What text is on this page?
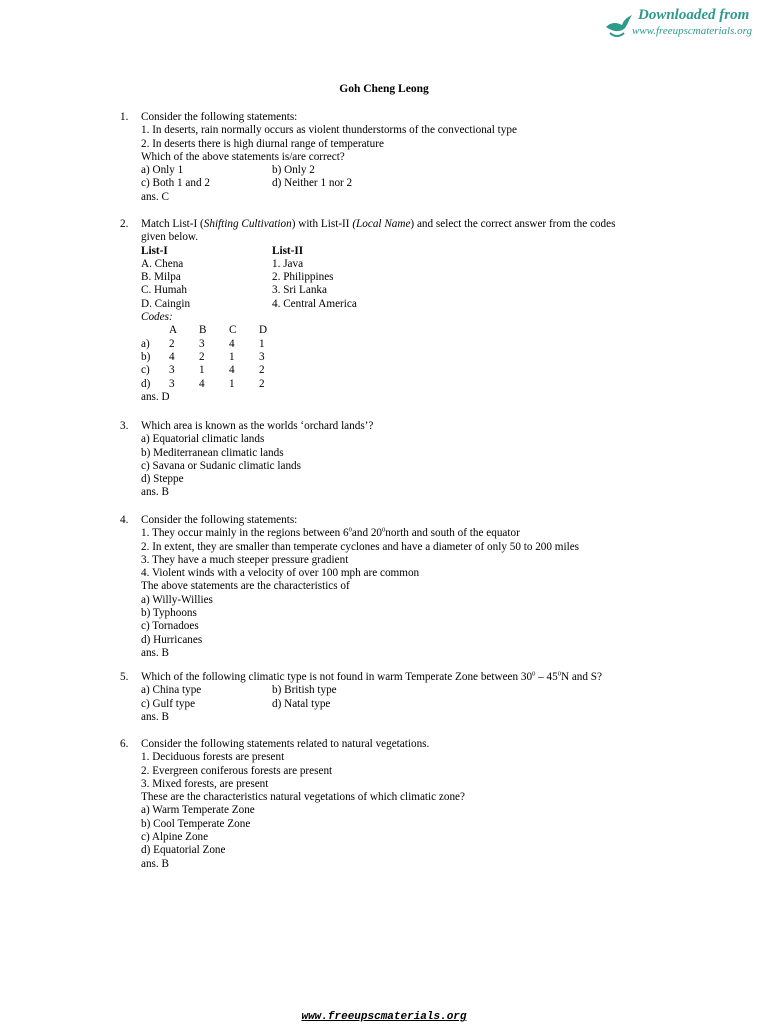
Downloaded from
www.freeupscmaterials.org
Goh Cheng Leong
1. Consider the following statements:
1. In deserts, rain normally occurs as violent thunderstorms of the convectional type
2. In deserts there is high diurnal range of temperature
Which of the above statements is/are correct?
a) Only 1	b) Only 2
c) Both 1 and 2	d) Neither 1 nor 2
ans. C
2. Match List-I (Shifting Cultivation) with List-II (Local Name) and select the correct answer from the codes
given below.
List-I	List-II
A. Chena	1. Java
B. Milpa	2. Philippines
C. Humah	3. Sri Lanka
D. Caingin	4. Central America
Codes:
A B C D
a) 2 3 4 1
b) 4 2 1 3
c) 3 1 4 2
d) 3 4 1 2
ans. D
3. Which area is known as the worlds ‘orchard lands’?
a) Equatorial climatic lands
b) Mediterranean climatic lands
c) Savana or Sudanic climatic lands
d) Steppe
ans. B
4. Consider the following statements:
1. They occur mainly in the regions between $6^0and$ $20^0north$ and south of the equator
2. In extent, they are smaller than temperate cyclones and have a diameter of only 50 to 200 miles
3. They have a much steeper pressure gradient
4. Violent winds with a velocity of over 100 mph are common
The above statements are the characteristics of
a) Willy-Willies
b) Typhoons
c) Tornadoes
d) Hurricanes
ans. B
5. Which of the following climatic type is not found in warm Temperate Zone between $30^0 - 45^0N$ and S?
a) China type	b) British type
c) Gulf type	d) Natal type
ans. B
6. Consider the following statements related to natural vegetations.
1. Deciduous forests are present
2. Evergreen coniferous forests are present
3. Mixed forests, are present
These are the characteristics natural vegetations of which climatic zone?
a) Warm Temperate Zone
b) Cool Temperate Zone
c) Alpine Zone
d) Equatorial Zone
ans. B
www.freeupscmaterials.org
